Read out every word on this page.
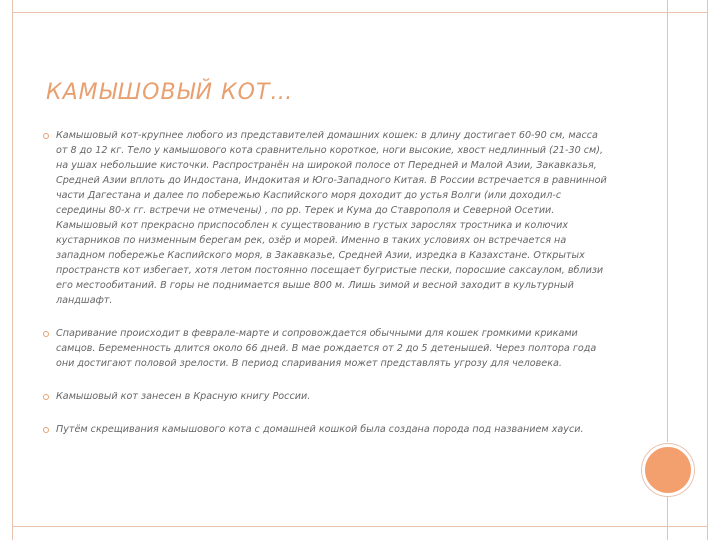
КАМЫШОВЫЙ КОТ…
Камышовый кот-крупнее любого из представителей домашних кошек: в длину достигает 60-90 см, масса от 8 до 12 кг. Тело у камышового кота сравнительно короткое, ноги высокие, хвост недлинный (21-30 см), на ушах небольшие кисточки. Распространён на широкой полосе от Передней и Малой Азии, Закавказья, Средней Азии вплоть до Индостана, Индокитая и Юго-Западного Китая. В России встречается в равнинной части Дагестана и далее по побережью Каспийского моря доходит до устья Волги (или доходил-с середины 80-х гг. встречи не отмечены) , по рр. Терек и Кума до Ставрополя и Северной Осетии. Камышовый кот прекрасно приспособлен к существованию в густых зарослях тростника и колючих кустарников по низменным берегам рек, озёр и морей. Именно в таких условиях он встречается на западном побережье Каспийского моря, в Закавказье, Средней Азии, изредка в Казахстане. Открытых пространств кот избегает, хотя летом постоянно посещает бугристые пески, поросшие саксаулом, вблизи его местообитаний. В горы не поднимается выше 800 м. Лишь зимой и весной заходит в культурный ландшафт.
Спаривание происходит в феврале-марте и сопровождается обычными для кошек громкими криками самцов. Беременность длится около 66 дней. В мае рождается от 2 до 5 детенышей. Через полтора года они достигают половой зрелости. В период спаривания может представлять угрозу для человека.
Камышовый кот занесен в Красную книгу России.
Путём скрещивания камышового кота с домашней кошкой была создана порода под названием хауси.
